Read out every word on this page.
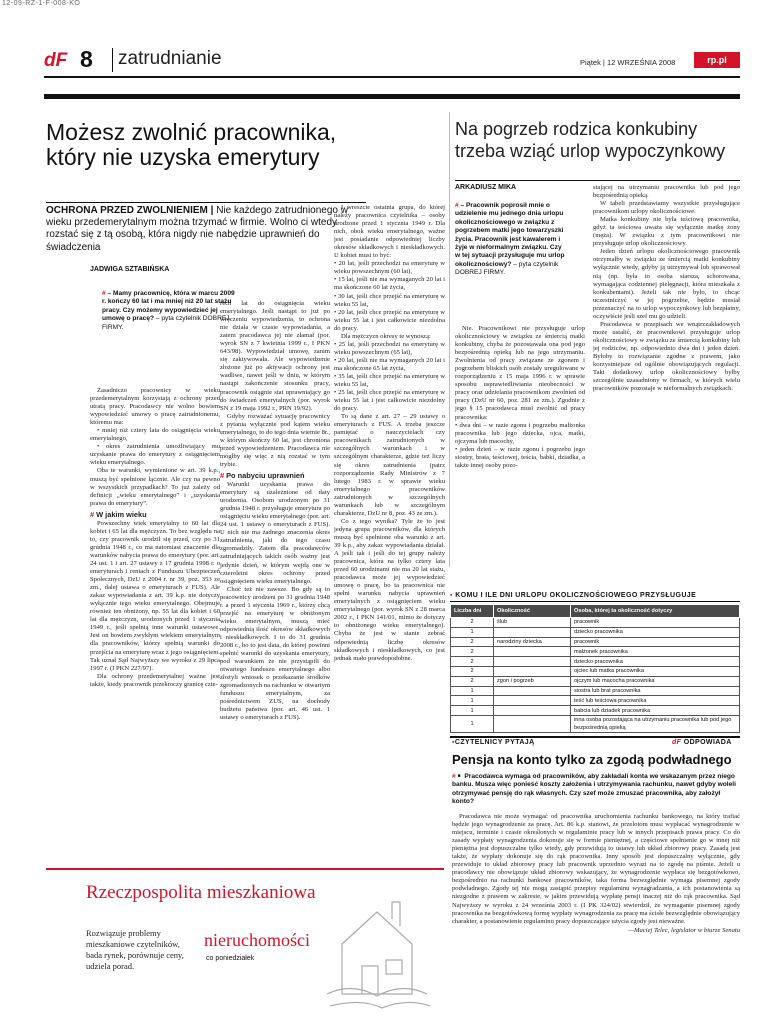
12-09-RZ-1-F-008-KO
dF 8 zatrudnianie	Piątek | 12 WRZEŚNIA 2008	rp.pl
Możesz zwolnić pracownika, który nie uzyska emerytury
OCHRONA PRZED ZWOLNIENIEM | Nie każdego zatrudnionego w wieku przedemerytalnym można trzymać w firmie. Wolno ci wtedy rozstać się z tą osobą, która nigdy nie nabędzie uprawnień do świadczenia
JADWIGA SZTABIŃSKA
# – Mamy pracownicę, która w marcu 2009 r. kończy 60 lat i ma mniej niż 20 lat stażu pracy. Czy możemy wypowiedzieć jej umowę o pracę? – pyta czytelnik DOBREJ FIRMY.

Zasadniczo pracownicy w wieku przedemerytalnym korzystają z ochrony przed utratą pracy. Pracodawcy nie wolno bowiem wypowiedzieć umowy o pracę zatrudnionemu, któremu ma:

• mniej niż cztery lata do osiągnięcia wieku emerytalnego,

• okres zatrudnienia umożliwiający mu uzyskanie prawa do emerytury z osiągnięciem wieku emerytalnego.

Oba te warunki, wymienione w art. 39 k.p., muszą być spełnione łącznie. Ale czy na pewno w wszystkich przypadkach? To już zależy od definicji „wieku emerytalnego” i „uzyskania prawa do emerytury”.

# W jakim wieku

Powszechny wiek emerytalny to 60 lat dla kobiet i 65 lat dla mężczyzn. To bez względu na to, czy pracownik urodził się przed, czy po 31 grudnia 1948 r., co ma natomiast znaczenie dla warunków nabycia prawa do emerytury (por. art. 24 ust. 1 i art. 27 ustawy z 17 grudnia 1998 r. o emeryturach i rentach z Funduszu Ubezpieczeń Społecznych, DzU z 2004 r. nr 39, poz. 353 ze zm., dalej ustawa o emeryturach z FUS). Ale zakaz wypowiadania z art. 39 k.p. nie dotyczy wyłącznie tego wieku emerytalnego. Obejmuje również ten obniżony, np. 55 lat dla kobiet i 60 lat dla mężczyzn, urodzonych przed 1 stycznia 1949 r., jeśli spełnią inne warunki ustawowe. Jest on bowiem zwykłym wiekiem emerytalnym dla pracowników, którzy spełnią warunki do przejścia na emeryturę wraz z jego osiągnięciem. Tak uznał Sąd Najwyższy we wyroku z 29 lipca 1997 r. (I PKN 227/97).

Dla ochrony przedemerytalnej ważne jest także, kiedy pracownik przekroczy granicę czte-

rech lat do osiągnięcia wieku emerytalnego. Jeśli nastąpi to już po wręczeniu wypowiedzenia, to ochrona nie działa w czasie wypowiadania, a zatem pracodawca jej nie złamał (por. wyrok SN z 7 kwietnia 1999 r., I PKN 643/98). Wypowiedział umowę, zanim się zaktywowała. Ale wypowiedzenie złożone już po aktywacji ochrony jest wadliwe, nawet jeśli w dniu, w którym nastąpi zakończenie stosunku pracy, pracownik osiągnie stat uprawniający go do świadczeń emerytalnych (por. wyrok SN z 19 maja 1992 r., PRN 19/92).

Gdyby rozważać sytuację pracownicy z pytania wyłącznie pod kątem wieku emerytalnego, to do tego dnia wiemie 8r., w którym skończy 60 lat, jest chroniona przed wypowiedzeniem. Pracodawca nie mógłby się więc z nią rozstać w tym trybie.

# Po nabyciu uprawnień

Warunki uzyskania prawa do emerytury są uzależnione od daty urodzenia. Osobom urodzonym po 31 grudnia 1948 r. przysługuje emerytura po osiągnięciu wieku emerytalnego (por. art. 24 ust. 1 ustawy o emeryturach z FUS). U nich nie ma żadnego znaczenia okres zatrudnienia, jaki do tego czasu zgromadziły. Zatem dla pracodawców zatrudniających takich osób ważny jest jedynie dzień, w którym wejdą one w czteroletni okres ochrony przed osiągnięciem wieku emerytalnego.

Choć też nie zawsze. Bo gdy są to pracownicy urodzeni po 31 grudnia 1948 r. a przed 1 stycznia 1969 r., którzy chcą przejść na emeryturę w obniżonym wieku emerytalnym, muszą mieć odpowiednią ilość okresów składkowych i nieskładkowych. I to do 31 grudnia 2008 r., bo to jest data, do której powinni spełnić warunki do uzyskania emerytury, pod warunkiem że nie przystąpili do otwartego funduszu emerytalnego albo złożyli wniosek o przekazanie środków zgromadzonych na rachunku w otwartym funduszu emerytalnym, za pośrednictwem ZUS, na dochody budżetu państwa (por. art. 46 ust. 1 ustawy o emeryturach z FUS).

I wreszcie ostatnia grupa, do której należy pracownica czytelnika – osoby urodzone przed 1 stycznia 1949 r. Dla nich, obok wieku emerytalnego, ważne jest posiadanie odpowiedniej liczby okresów składkowych i nieskładkowych. U kobiet musi to być:

• 20 lat, jeśli przechodzi na emeryturę w wieku powszechnym (60 lat),

• 15 lat, jeśli nie ma wymaganych 20 lat i ma skończone 60 lat życia,

• 30 lat, jeśli chce przejść na emeryturę w wieku 55 lat,

• 20 lat, jeśli chce przejść na emeryturę w wieku 55 lat i jest całkowicie niezdolna do pracy.

Dla mężczyzn okresy te wynoszą:

• 25 lat, jeśli przechodzi na emeryturę w wieku powszechnym (65 lat),

• 20 lat, jeśli nie ma wymaganych 20 lat i ma skończone 65 lat życia,

• 35 lat, jeśli chce przejść na emeryturę w wieku 55 lat,

• 25 lat, jeśli chce przejść na emeryturę w wieku 55 lat i jest całkowicie niezdolny do pracy.

To są dane z art. 27 – 29 ustawy o emeryturach z FUS. A trzeba jeszcze pamiętać o nauczycielach czy pracownikach zatrudnionych w szczególnych warunkach i w szczególnym charakterze, gdzie też liczy się okres zatrudnienia (patrz rozporządzenie Rady Ministrów z 7 lutego 1983 r. w sprawie wieku emerytalnego pracowników zatrudnionych w szczególnych warunkach lub w szczególnym charakterze, DzU nr 8, poz. 43 ze zm.).

Co z tego wynika? Tyle że to jest jedyna grupa pracowników, dla których muszą być spełnione oba warunki z art. 39 k.p., aby zakaz wypowiadania działał. A jeśli tak i jeśli do tej grupy należy pracownica, która na tylko cztery lata przed 60 urodzinami nie ma 20 lat stażu, pracodawca może jej wypowiedzieć umowę o pracę, bo ta pracownica nie spełni warunku nabycia uprawnień emerytalnych z osiągnięciem wieku emerytalnego (por. wyrok SN z 28 marca 2002 r., I PKN 141/01, mimo że dotyczy to obniżonego wieku emerytalnego). Chyba że jest w stanie zebrać odpowiednią liczbę okresów składkowych i nieskładkowych, co jest jednak mało prawdopodobne.

Na pogrzeb rodzica konkubiny trzeba wziąć urlop wypoczynkowy
ARKADIUSZ MIKA
# – Pracownik poprosił mnie o udzielenie mu jednego dnia urlopu okolicznościowego w związku z pogrzebem matki jego towarzyszki życia. Pracownik jest kawalerem i żyje w nieformalnym związku. Czy w tej sytuacji przysługuje mu urlop okolicznościowy? – pyta czytelnik DOBREJ FIRMY.

Nie. Pracownikowi nie przysługuje urlop okolicznościowy w związku ze śmiercią matki konkubiny, chyba że pozostawała ona pod jego bezpośrednią opieką lub na jego utrzymaniu. Zwolnienia od pracy związane ze zgonem i pogrzebem bliskich osób zostały uregulowane w rozporządzeniu z 15 maja 1996 r. w sprawie sposobu usprawiedliwiania nieobecności w pracy oraz udzielania pracownikom zwolnień od pracy (DzU nr 60, poz. 281 ze zm.). Zgodnie z jego § 15 pracodawca musi zwolnić od pracy pracownika:

• dwa dni – w razie zgonu i pogrzebu małżonka pracownika lub jego dziecka, ojca, matki, ojczyma lub macochy,

• jeden dzień – w razie zgonu i pogrzebu jego siostry, brata, teściowej, teścia, babki, dziadka, a także innej osoby pozo-

stającej na utrzymaniu pracownika lub pod jego bezpośrednią opieką.

W tabeli przedstawiamy wszystkie przysługujące pracownikom urlopy okolicznościowe.

Matka konkubiny nie była teściową pracownika, gdyż ta teściowa uważa się wyłącznie matkę żony (męża). W związku z tym pracownikowi nie przysługuje urlop okolicznościowy.

Jeden dzień urlopu okolicznościowego pracownik otrzymałby w związku ze śmiercią matki konkubiny wyłącznie wtedy, gdyby ją utrzymywał lub sprawował nią (np. była to osoba starsza, schorowana, wymagająca codziennej pielęgnacji, która mieszkała z konkubentami). Jeżeli tak nie było, to chcąc uczestniczyć w jej pogrzebie, będzie musiał przeznaczyć na to urlop wypoczynkowy lub bezpłatny, oczywiście jeśli szef mu go udzieli.

Pracodawca w przepisach we wnątrzzakładowych może ustalić, że pracownikowi przysługuje urlop okolicznościowy w związku ze śmiercią konkubiny lub jej rodziców, np. odpowiednio dwa dni i jeden dzień. Byłoby to rozwiązanie zgodne z prawem, jako korzystniejsze od ogólnie obowiązujących regulacji. Taki dodatkowy urlop okolicznościowy byłby szczególnie uzasadniony w firmach, w których wielu pracowników pozostaje w nieformalnych związkach.

▪ KOMU I ILE DNI URLOPU OKOLICZNOŚCIOWEGO PRZYSŁUGUJE
Liczba dni	Okoliczność	Osoba, której ta okoliczność dotyczy
2	ślub	pracownik
1		dziecko pracownika
2	narodziny dziecka	pracownik
2		małżonek pracownika
2		dziecko pracownika
2		ojciec lub matka pracownika
2	zgon i pogrzeb	ojczym lub macocha pracownika
1		siostra lub brat pracownika
1		teść lub teściowa pracownika
1		babcia lub dziadek pracownika
1		inna osoba pozostająca na utrzymaniu pracownika lub pod jego bezpośrednią opieką
▪CZYTELNICY PYTAJĄ	dF ODPOWIADA
Pensja na konto tylko za zgodą podwładnego
# ■ Pracodawca wymaga od pracowników, aby zakładali konta we wskazanym przez niego banku. Musza więc ponieść koszty założenia i utrzymywania rachunku, nawet gdyby woleli otrzymywać pensję do rąk własnych. Czy szef może zmuszać pracownika, aby założył konto?

Pracodawca nie może wymagać od pracownika uruchomienia rachunku bankowego, na który trafiać będzie jego wynagrodzenie za pracę. Art. 86 k.p. stanowi, że przelotom musi wypłacać wynagrodzenie w miejscu, terminie i czasie określonych w regulaminie pracy lub w innych przepisach prawa pracy. Co do zasady wypłaty wynagrodzenia dokonuje się w formie pieniężnej, a częściowe spełnienie go w innej niż pieniężna jest dopuszczalne tylko wtedy, gdy przewidują to ustawy lub układ zbiorowy pracy. Zasadą jest także, że wypłaty dokonuje się do rąk pracownika. Inny sposób jest dopuszczalny wyłącznie, gdy przewiduje to układ zbiorowy pracy lub pracownik uprzednio wyrazi na to zgodę na piśmie. Jeżeli u pracodawcy nie obowiązuje układ zbiorowy wskazujący, że wynagrodzenie wypłaca się bezgotówkowo, bezpośrednio na rachunki bankowe pracowników, taka forma bezwzględnie wymaga pisemnej zgody podwładnego. Zgody tej nie mogą zastąpić przepisy regulaminu wynagradzania, a ich postanowienia są niezgodne z prawem w zakresie, w jakim przewidują wypłatę pensji inaczej niż do rąk pracownika. Sąd Najwyższy w wyroku z 24 września 2003 r. (I PK 324/02) stwierdził, że wymaganie pisemnej zgody pracownika na bezgotówkową formę wypłaty wynagrodzenia za pracę ma ścisłe bezwzględnie obowiązujący charakter, a postanowienie regulaminu pracy dopuszczające użycia zgody jest nieważne.

—Maciej Telec, legislator w biurze Senatu
Rzeczpospolita mieszkaniowa
Rozwiązuje problemy mieszkaniowe czytelników, bada rynek, porównuje ceny, udziela porad.
nieruchomości
co poniedziałek
